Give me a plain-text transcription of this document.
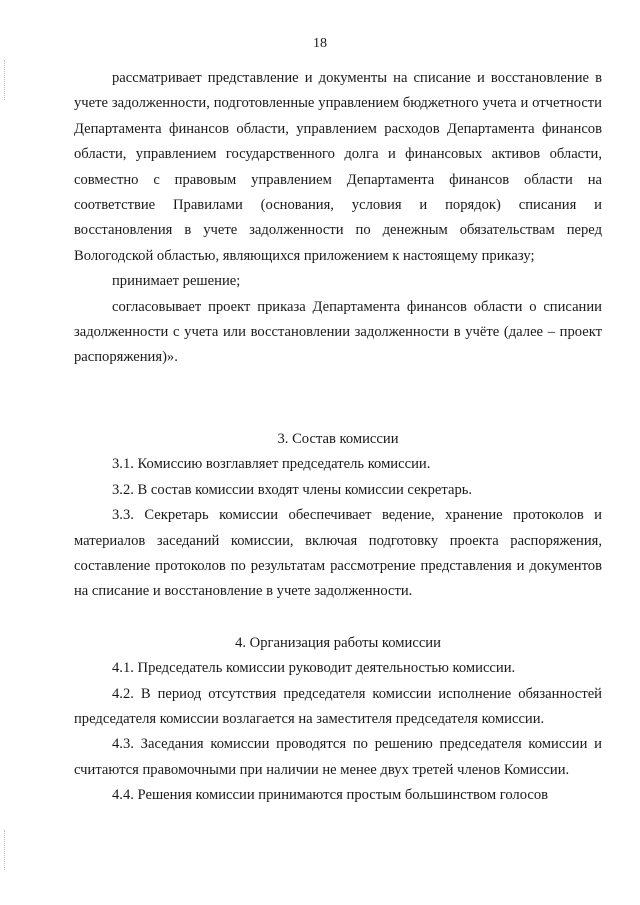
18

рассматривает представление и документы на списание и восстановление в учете задолженности, подготовленные управлением бюджетного учета и отчетности Департамента финансов области, управлением расходов Департамента финансов области, управлением государственного долга и финансовых активов области, совместно с правовым управлением Департамента финансов области на соответствие Правилами (основания, условия и порядок) списания и восстановления в учете задолженности по денежным обязательствам перед Вологодской областью, являющихся приложением к настоящему приказу;

принимает решение;

согласовывает проект приказа Департамента финансов области о списании задолженности с учета или восстановлении задолженности в учёте (далее – проект распоряжения)».

3. Состав комиссии

3.1. Комиссию возглавляет председатель комиссии.

3.2. В состав комиссии входят члены комиссии секретарь.

3.3. Секретарь комиссии обеспечивает ведение, хранение протоколов и материалов заседаний комиссии, включая подготовку проекта распоряжения, составление протоколов по результатам рассмотрение представления и документов на списание и восстановление в учете задолженности.

4. Организация работы комиссии

4.1. Председатель комиссии руководит деятельностью комиссии.

4.2. В период отсутствия председателя комиссии исполнение обязанностей председателя комиссии возлагается на заместителя председателя комиссии.

4.3. Заседания комиссии проводятся по решению председателя комиссии и считаются правомочными при наличии не менее двух третей членов Комиссии.

4.4. Решения комиссии принимаются простым большинством голосов
